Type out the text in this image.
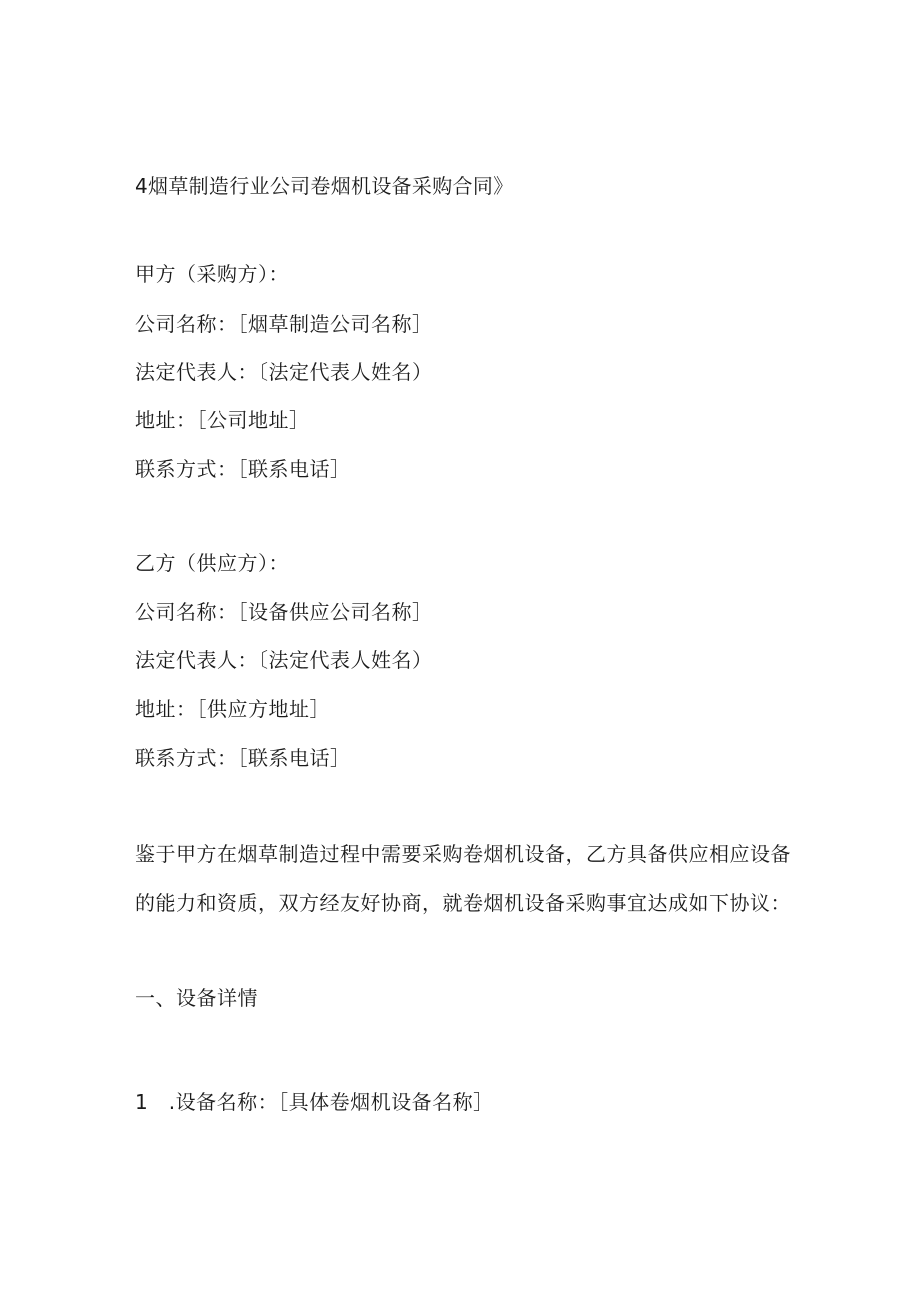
4烟草制造行业公司卷烟机设备采购合同》
甲方（采购方）：
公司名称：［烟草制造公司名称］
法定代表人：〔法定代表人姓名）
地址：［公司地址］
联系方式：［联系电话］
乙方（供应方）：
公司名称：［设备供应公司名称］
法定代表人：〔法定代表人姓名）
地址：［供应方地址］
联系方式：［联系电话］
鉴于甲方在烟草制造过程中需要采购卷烟机设备，乙方具备供应相应设备
的能力和资质，双方经友好协商，就卷烟机设备采购事宜达成如下协议：
一、设备详情
1　.设备名称：［具体卷烟机设备名称］
